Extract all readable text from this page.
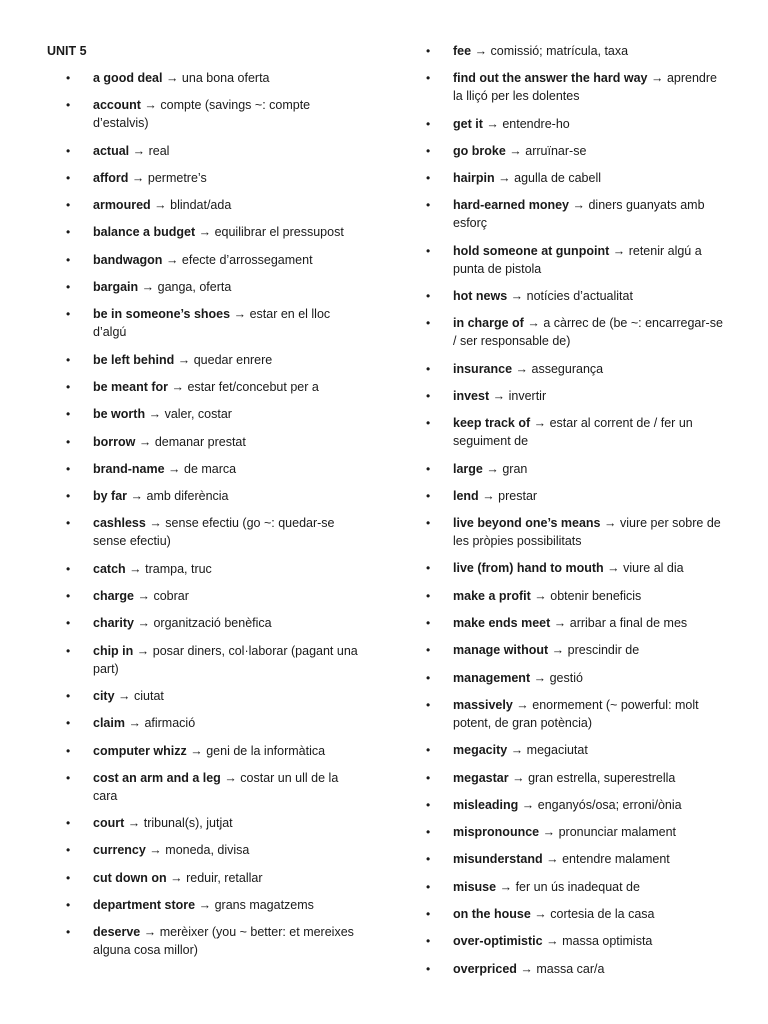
UNIT 5
• a good deal → una bona oferta
• account → compte (savings ~: compte d’estalvis)
• actual → real
• afford → permetre’s
• armoured → blindat/ada
• balance a budget → equilibrar el pressupost
• bandwagon → efecte d’arrossegament
• bargain → ganga, oferta
• be in someone’s shoes → estar en el lloc d’algú
• be left behind → quedar enrere
• be meant for → estar fet/concebut per a
• be worth → valer, costar
• borrow → demanar prestat
• brand-name → de marca
• by far → amb diferència
• cashless → sense efectiu (go ~: quedar-se sense efectiu)
• catch → trampa, truc
• charge → cobrar
• charity → organització benèfica
• chip in → posar diners, col·laborar (pagant una part)
• city → ciutat
• claim → afirmació
• computer whizz → geni de la informàtica
• cost an arm and a leg → costar un ull de la cara
• court → tribunal(s), jutjat
• currency → moneda, divisa
• cut down on → reduir, retallar
• department store → grans magatzems
• deserve → merèixer (you ~ better: et mereixes alguna cosa millor)
• fee → comissió; matrícula, taxa
• find out the answer the hard way → aprendre la lliçó per les dolentes
• get it → entendre-ho
• go broke → arruïnar-se
• hairpin → agulla de cabell
• hard-earned money → diners guanyats amb esforç
• hold someone at gunpoint → retenir algú a punta de pistola
• hot news → notícies d’actualitat
• in charge of → a càrrec de (be ~: encarregar-se / ser responsable de)
• insurance → assegurança
• invest → invertir
• keep track of → estar al corrent de / fer un seguiment de
• large → gran
• lend → prestar
• live beyond one’s means → viure per sobre de les pròpies possibilitats
• live (from) hand to mouth → viure al dia
• make a profit → obtenir beneficis
• make ends meet → arribar a final de mes
• manage without → prescindir de
• management → gestió
• massively → enormement (~ powerful: molt potent, de gran potència)
• megacity → megaciutat
• megastar → gran estrella, superestrella
• misleading → enganyós/osa; erroni/ònia
• mispronounce → pronunciar malament
• misunderstand → entendre malament
• misuse → fer un ús inadequat de
• on the house → cortesia de la casa
• over-optimistic → massa optimista
• overpriced → massa car/a
